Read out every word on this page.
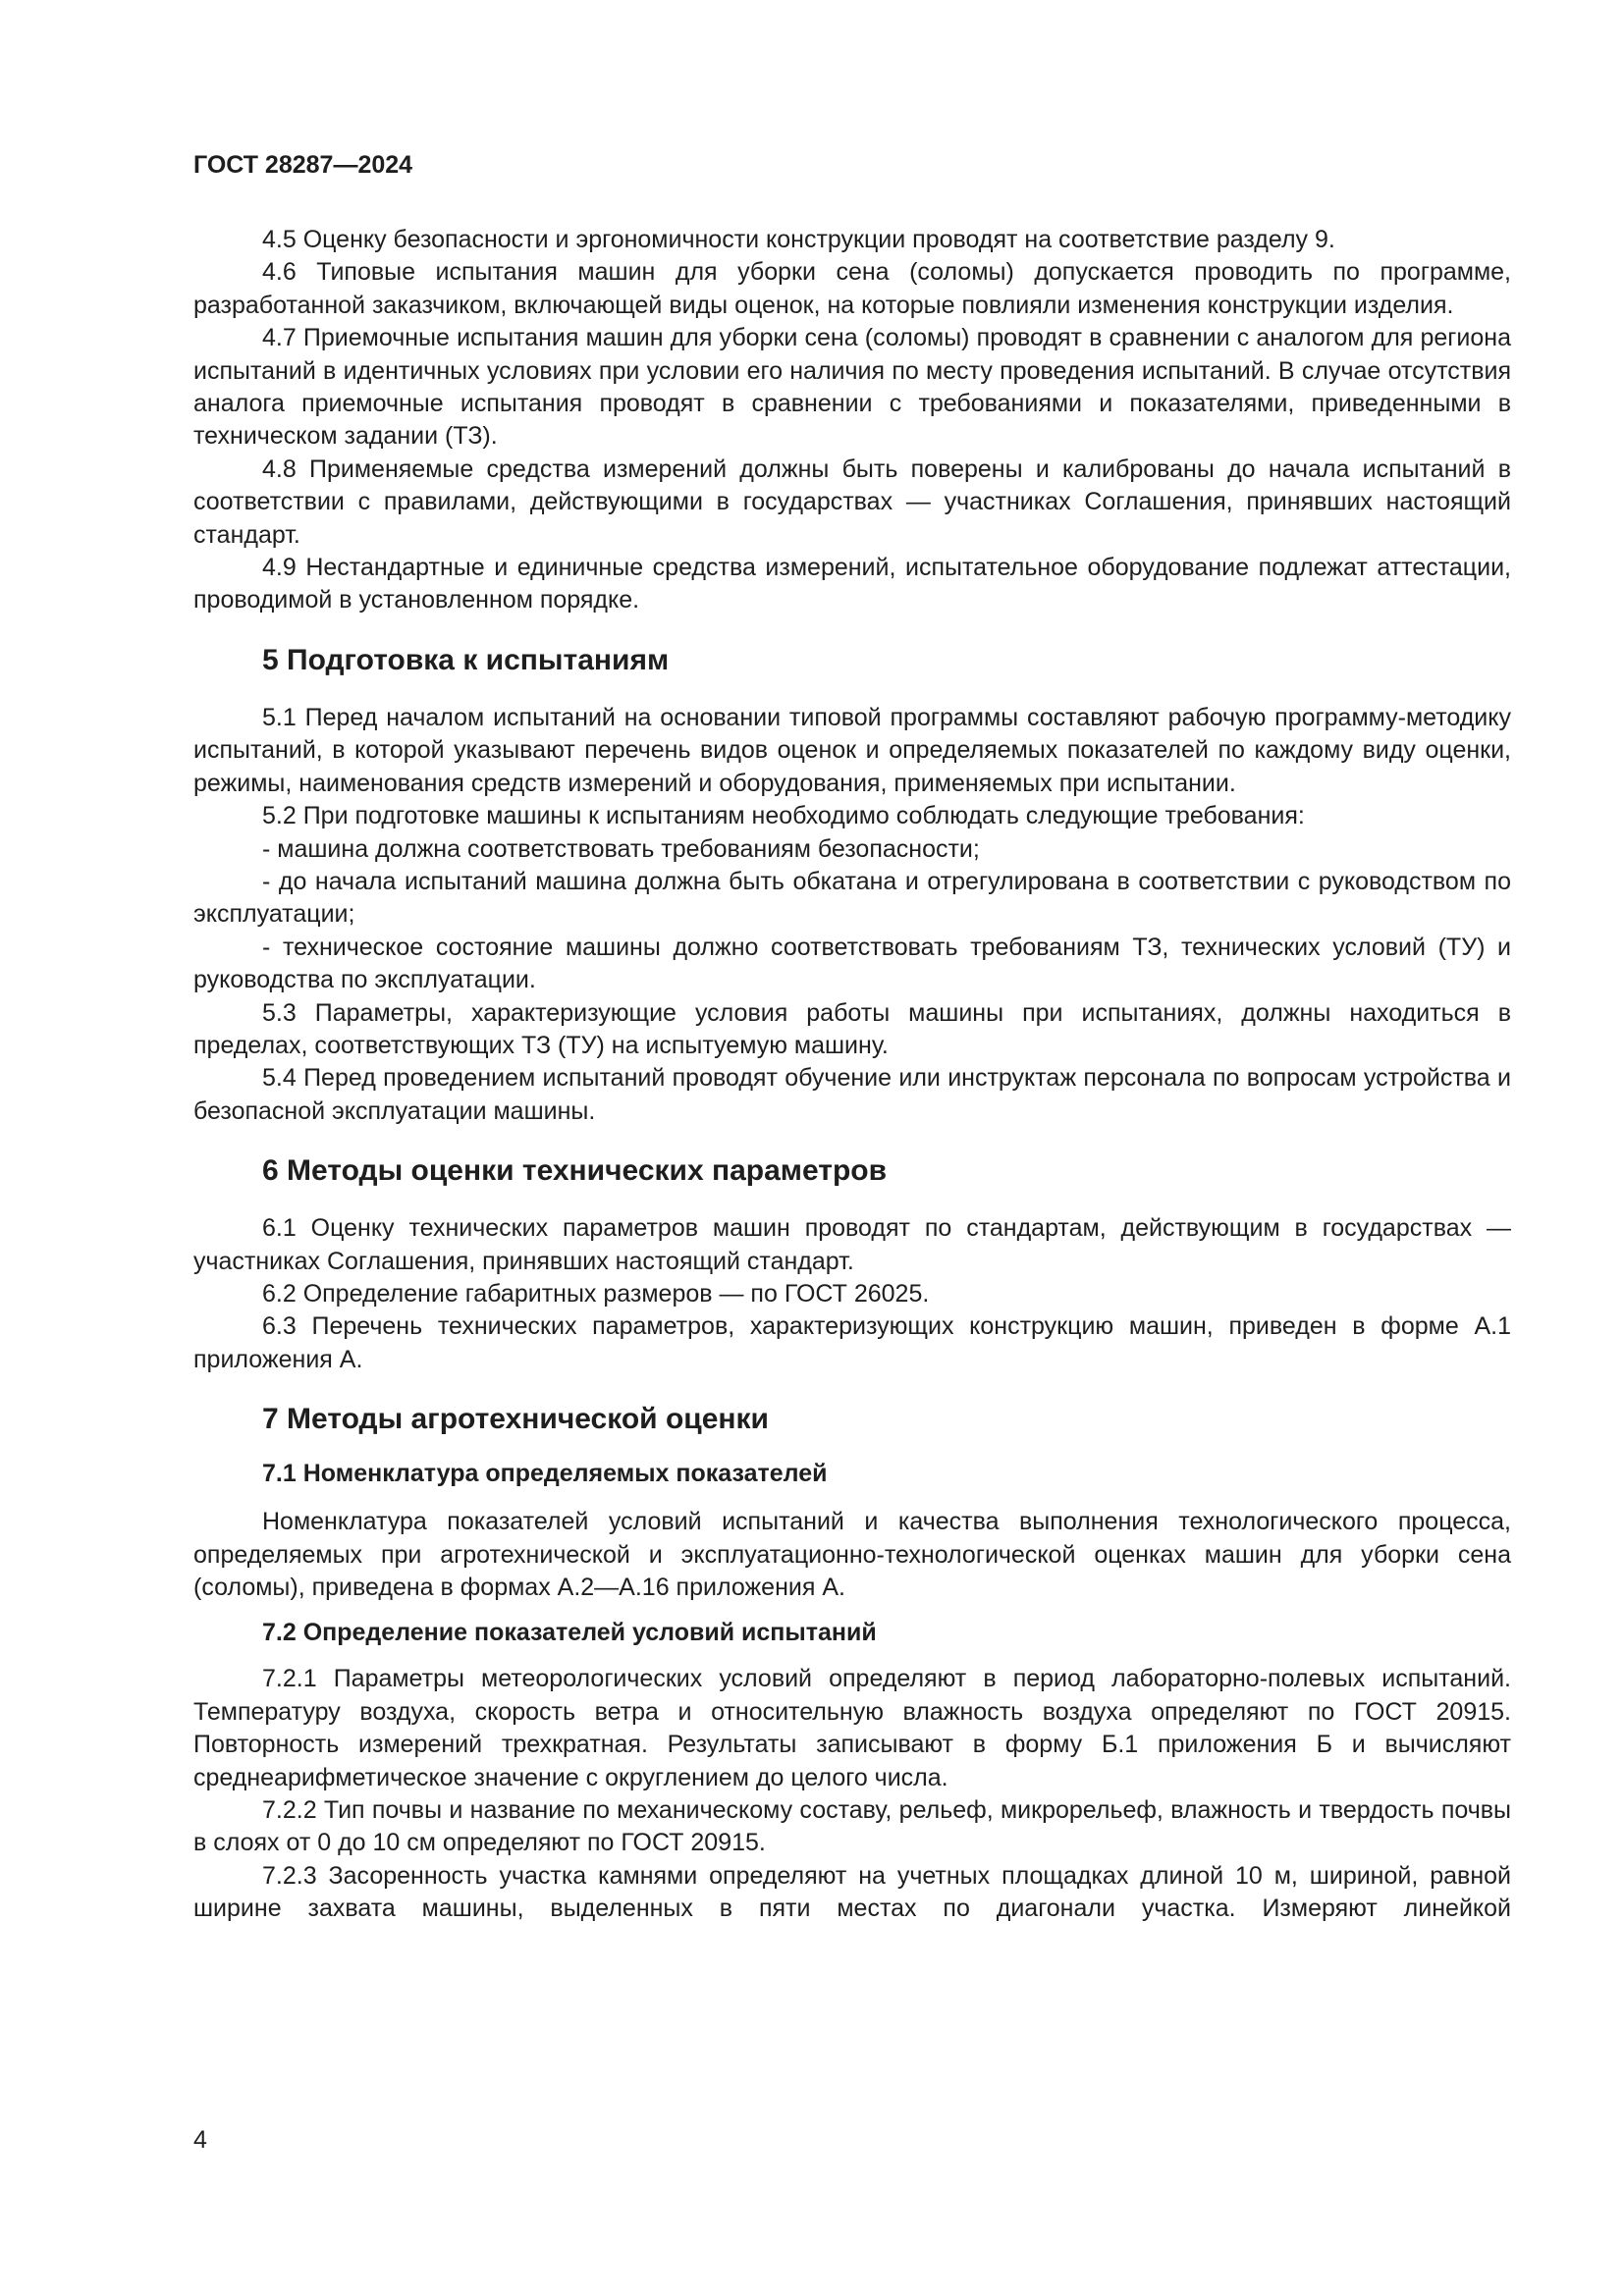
ГОСТ 28287—2024

4.5 Оценку безопасности и эргономичности конструкции проводят на соответствие разделу 9.

4.6 Типовые испытания машин для уборки сена (соломы) допускается проводить по программе, разработанной заказчиком, включающей виды оценок, на которые повлияли изменения конструкции изделия.

4.7 Приемочные испытания машин для уборки сена (соломы) проводят в сравнении с аналогом для региона испытаний в идентичных условиях при условии его наличия по месту проведения испытаний. В случае отсутствия аналога приемочные испытания проводят в сравнении с требованиями и показателями, приведенными в техническом задании (ТЗ).

4.8 Применяемые средства измерений должны быть поверены и калиброваны до начала испытаний в соответствии с правилами, действующими в государствах — участниках Соглашения, принявших настоящий стандарт.

4.9 Нестандартные и единичные средства измерений, испытательное оборудование подлежат аттестации, проводимой в установленном порядке.

5 Подготовка к испытаниям

5.1 Перед началом испытаний на основании типовой программы составляют рабочую программу-методику испытаний, в которой указывают перечень видов оценок и определяемых показателей по каждому виду оценки, режимы, наименования средств измерений и оборудования, применяемых при испытании.

5.2 При подготовке машины к испытаниям необходимо соблюдать следующие требования:

- машина должна соответствовать требованиям безопасности;

- до начала испытаний машина должна быть обкатана и отрегулирована в соответствии с руководством по эксплуатации;

- техническое состояние машины должно соответствовать требованиям ТЗ, технических условий (ТУ) и руководства по эксплуатации.

5.3 Параметры, характеризующие условия работы машины при испытаниях, должны находиться в пределах, соответствующих ТЗ (ТУ) на испытуемую машину.

5.4 Перед проведением испытаний проводят обучение или инструктаж персонала по вопросам устройства и безопасной эксплуатации машины.

6 Методы оценки технических параметров

6.1 Оценку технических параметров машин проводят по стандартам, действующим в государствах — участниках Соглашения, принявших настоящий стандарт.

6.2 Определение габаритных размеров — по ГОСТ 26025.

6.3 Перечень технических параметров, характеризующих конструкцию машин, приведен в форме А.1 приложения А.

7 Методы агротехнической оценки
7.1 Номенклатура определяемых показателей

Номенклатура показателей условий испытаний и качества выполнения технологического процесса, определяемых при агротехнической и эксплуатационно-технологической оценках машин для уборки сена (соломы), приведена в формах А.2—А.16 приложения А.

7.2 Определение показателей условий испытаний

7.2.1 Параметры метеорологических условий определяют в период лабораторно-полевых испытаний. Температуру воздуха, скорость ветра и относительную влажность воздуха определяют по ГОСТ 20915. Повторность измерений трехкратная. Результаты записывают в форму Б.1 приложения Б и вычисляют среднеарифметическое значение с округлением до целого числа.

7.2.2 Тип почвы и название по механическому составу, рельеф, микрорельеф, влажность и твердость почвы в слоях от 0 до 10 см определяют по ГОСТ 20915.

7.2.3 Засоренность участка камнями определяют на учетных площадках длиной 10 м, шириной, равной ширине захвата машины, выделенных в пяти местах по диагонали участка. Измеряют линейкой

4
